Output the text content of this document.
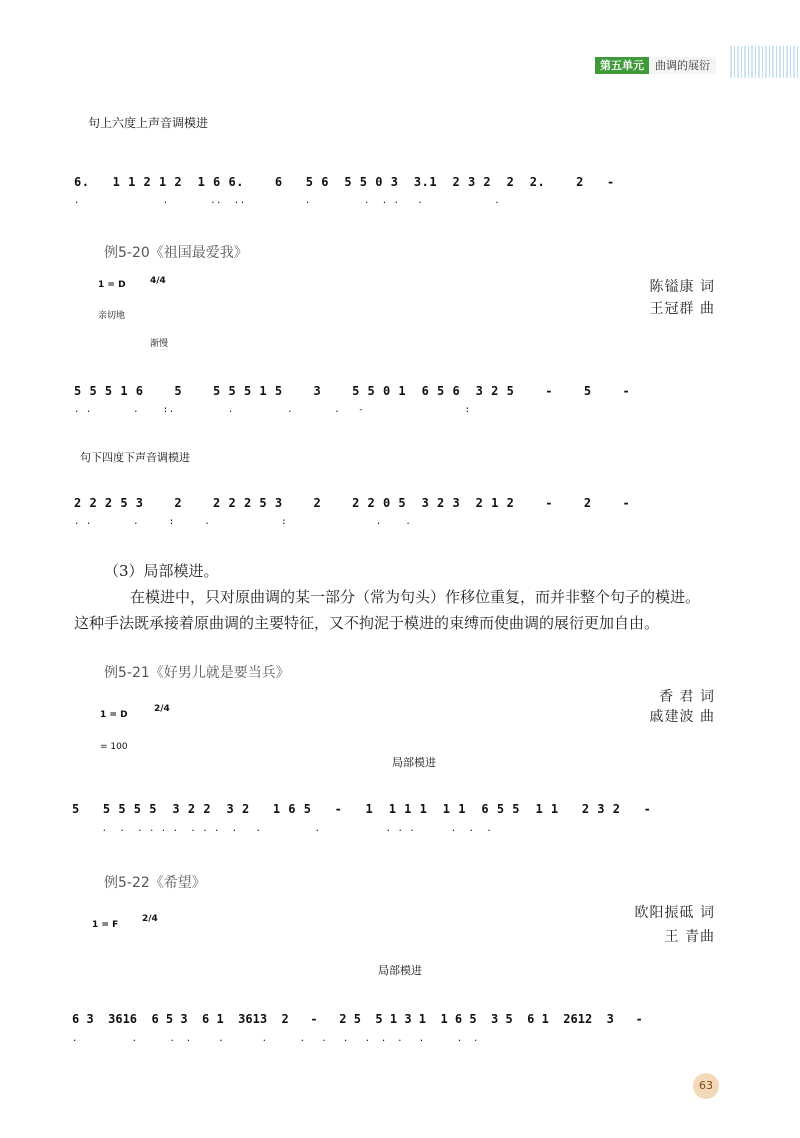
第五单元	曲调的展衍
句上六度上声音调模进
6.   1 1 2 1 2  1 6 6.    6   5 6  5 5 0 3  3.1  2 3 2  2  2.    2   -
.              .       ..  ..          .         .  . .   .            .
例5-20《祖国最爱我》
陈镒康 词
王冠群 曲
1 = D	4/4
亲切地
渐慢
5 5 5 1 6    5    5 5 5 1 5    3    5 5 0 1  6 5 6  3 2 5    -    5    -
. .       .    :.         .         .       .   -                 :
句下四度下声音调模进
2 2 2 5 3    2    2 2 2 5 3    2    2 2 0 5  3 2 3  2 1 2    -    2    -
. .       .     :     .            :               .    .
（3）局部模进。
在模进中，只对原曲调的某一部分（常为句头）作移位重复，而并非整个句子的模进。
这种手法既承接着原曲调的主要特征，又不拘泥于模进的束缚而使曲调的展衍更加自由。
例5-21《好男儿就是要当兵》
香 君 词
戚建波 曲
1 = D
2/4
= 100
局部模进
5   5 5 5 5  3 2 2  3 2   1 6 5   -   1  1 1 1  1 1  6 5 5  1 1   2 3 2   -
.  .  . . . .  . . .  .   .         .           . . .      .  .  .
例5-22《希望》
欧阳振砥 词
王 青曲
1 = F
2/4
局部模进
6 3  3616  6 5 3  6 1  3613  2   -   2 5  5 1 3 1  1 6 5  3 5  6 1  2612  3   -
.          .      .  .     .       .      .   .   .   .  .  .   .      .  .
63
